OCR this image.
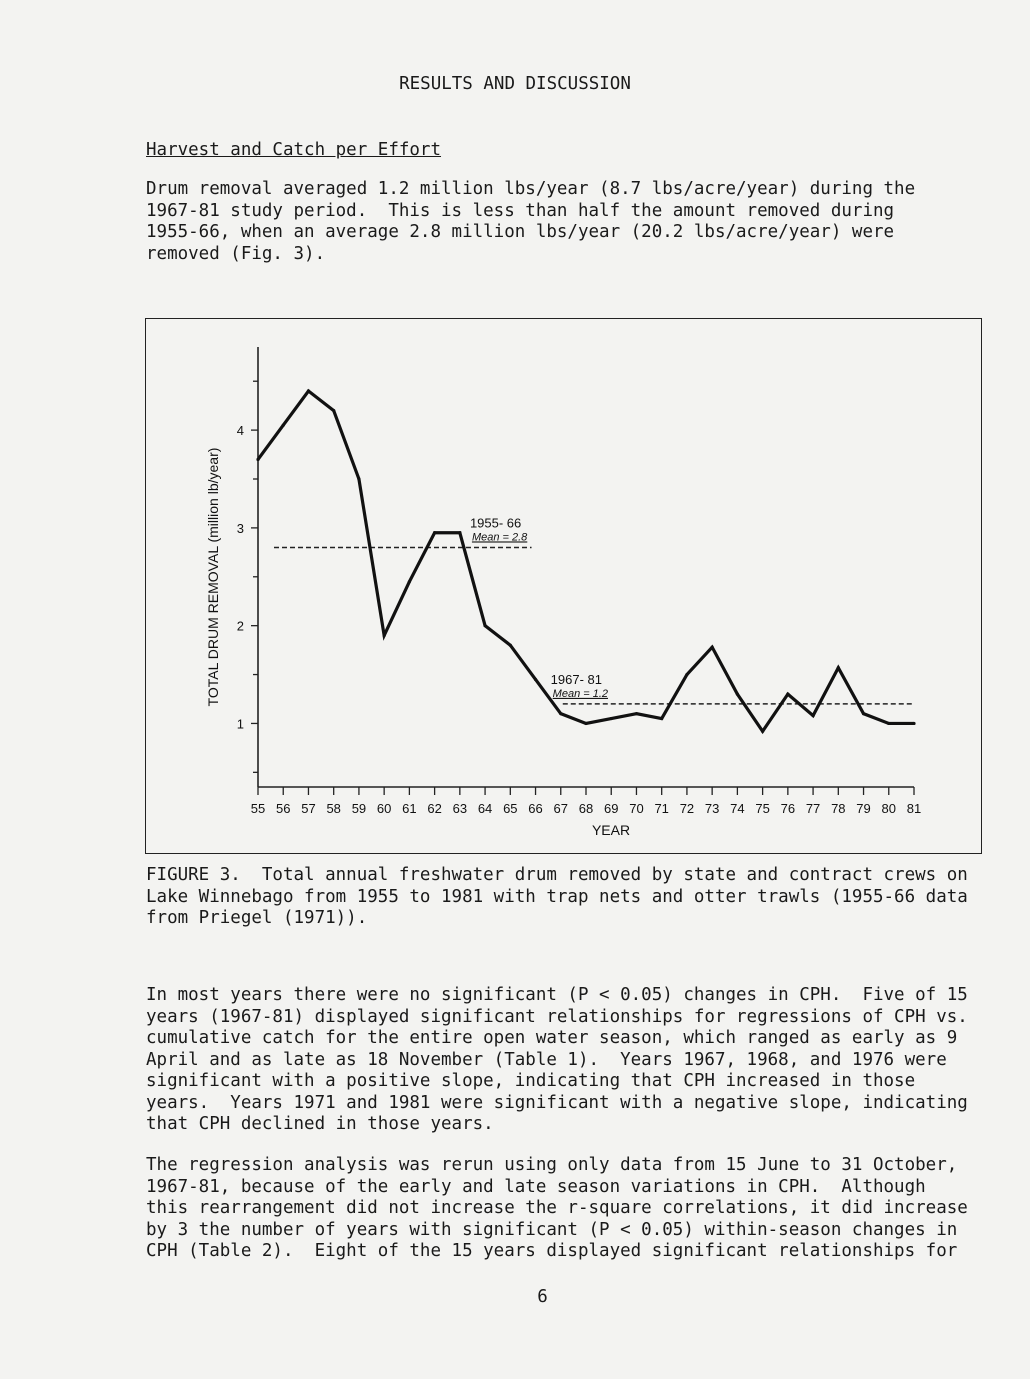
RESULTS AND DISCUSSION
Harvest and Catch per Effort
Drum removal averaged 1.2 million lbs/year (8.7 lbs/acre/year) during the
1967-81 study period.  This is less than half the amount removed during
1955-66, when an average 2.8 million lbs/year (20.2 lbs/acre/year) were
removed (Fig. 3).
1
2
3
4
55 56 57 58 59 60 61 62 63 64 65 66 67 68 69 70 71 72 73 74 75 76 77 78 79 80 81
1955- 66
Mean = 2.8
1967- 81
Mean = 1.2
YEAR
TOTAL DRUM REMOVAL (million lb/year)
FIGURE 3.  Total annual freshwater drum removed by state and contract crews on
Lake Winnebago from 1955 to 1981 with trap nets and otter trawls (1955-66 data
from Priegel (1971)).
In most years there were no significant (P < 0.05) changes in CPH.  Five of 15
years (1967-81) displayed significant relationships for regressions of CPH vs.
cumulative catch for the entire open water season, which ranged as early as 9
April and as late as 18 November (Table 1).  Years 1967, 1968, and 1976 were
significant with a positive slope, indicating that CPH increased in those
years.  Years 1971 and 1981 were significant with a negative slope, indicating
that CPH declined in those years.
The regression analysis was rerun using only data from 15 June to 31 October,
1967-81, because of the early and late season variations in CPH.  Although
this rearrangement did not increase the r-square correlations, it did increase
by 3 the number of years with significant (P < 0.05) within-season changes in
CPH (Table 2).  Eight of the 15 years displayed significant relationships for
6
